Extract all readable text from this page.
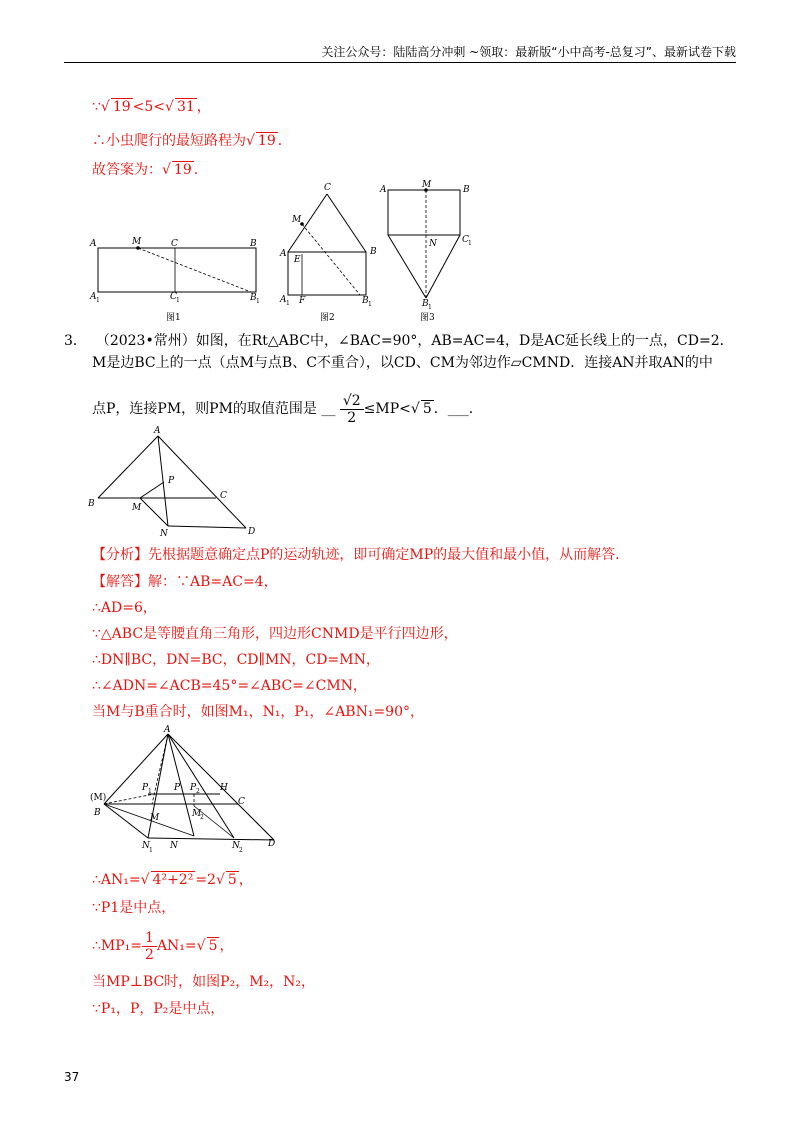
关注公众号：陆陆高分冲刺 ~领取：最新版“小中高考-总复习”、最新试卷下载
∵√ 19 <5<√ 31 ，
∴小虫爬行的最短路程为√ 19 ．
故答案为：√ 19 ．
A	M	C	B
A 1	C 1	B 1
图1
C
M
A
E
B
A 1 F	B 1
图2
A	M	B
N	C 1
B 1
图3
3． （2023•常州）如图，在Rt△ABC中，∠BAC=90°，AB=AC=4，D是AC延长线上的一点，CD=2．
M是边BC上的一点（点M与点B、C不重合），以CD、CM为邻边作▱CMND．连接AN并取AN的中
点P，连接PM，则PM的取值范围是 __ $\frac{√2}{2} \le MP<√$ 5 ．___．
A
B
C
D
M
N
P
【分析】先根据题意确定点P的运动轨迹，即可确定MP的最大值和最小值，从而解答．
【解答】解：∵AB=AC=4，
∴AD=6，
∵△ABC是等腰直角三角形，四边形CNMD是平行四边形，
∴DN∥BC，DN=BC，CD∥MN，CD=MN，
∴∠ADN=∠ACB=45°=∠ABC=∠CMN，
当M与B重合时，如图M₁，N₁，P₁，∠ABN₁=90°，
A
(M)
B
C
D
H
M
N
P
P 1	P 2
M
2
N 1	N 2
∴AN₁=√ 4²+2² =2√ 5 ，
∵P1是中点，
∴MP₁= $\frac{1}{2} AN_1=√$ 5 ，
当MP⊥BC时，如图P₂，M₂，N₂，
∵P₁，P，P₂是中点，
37
